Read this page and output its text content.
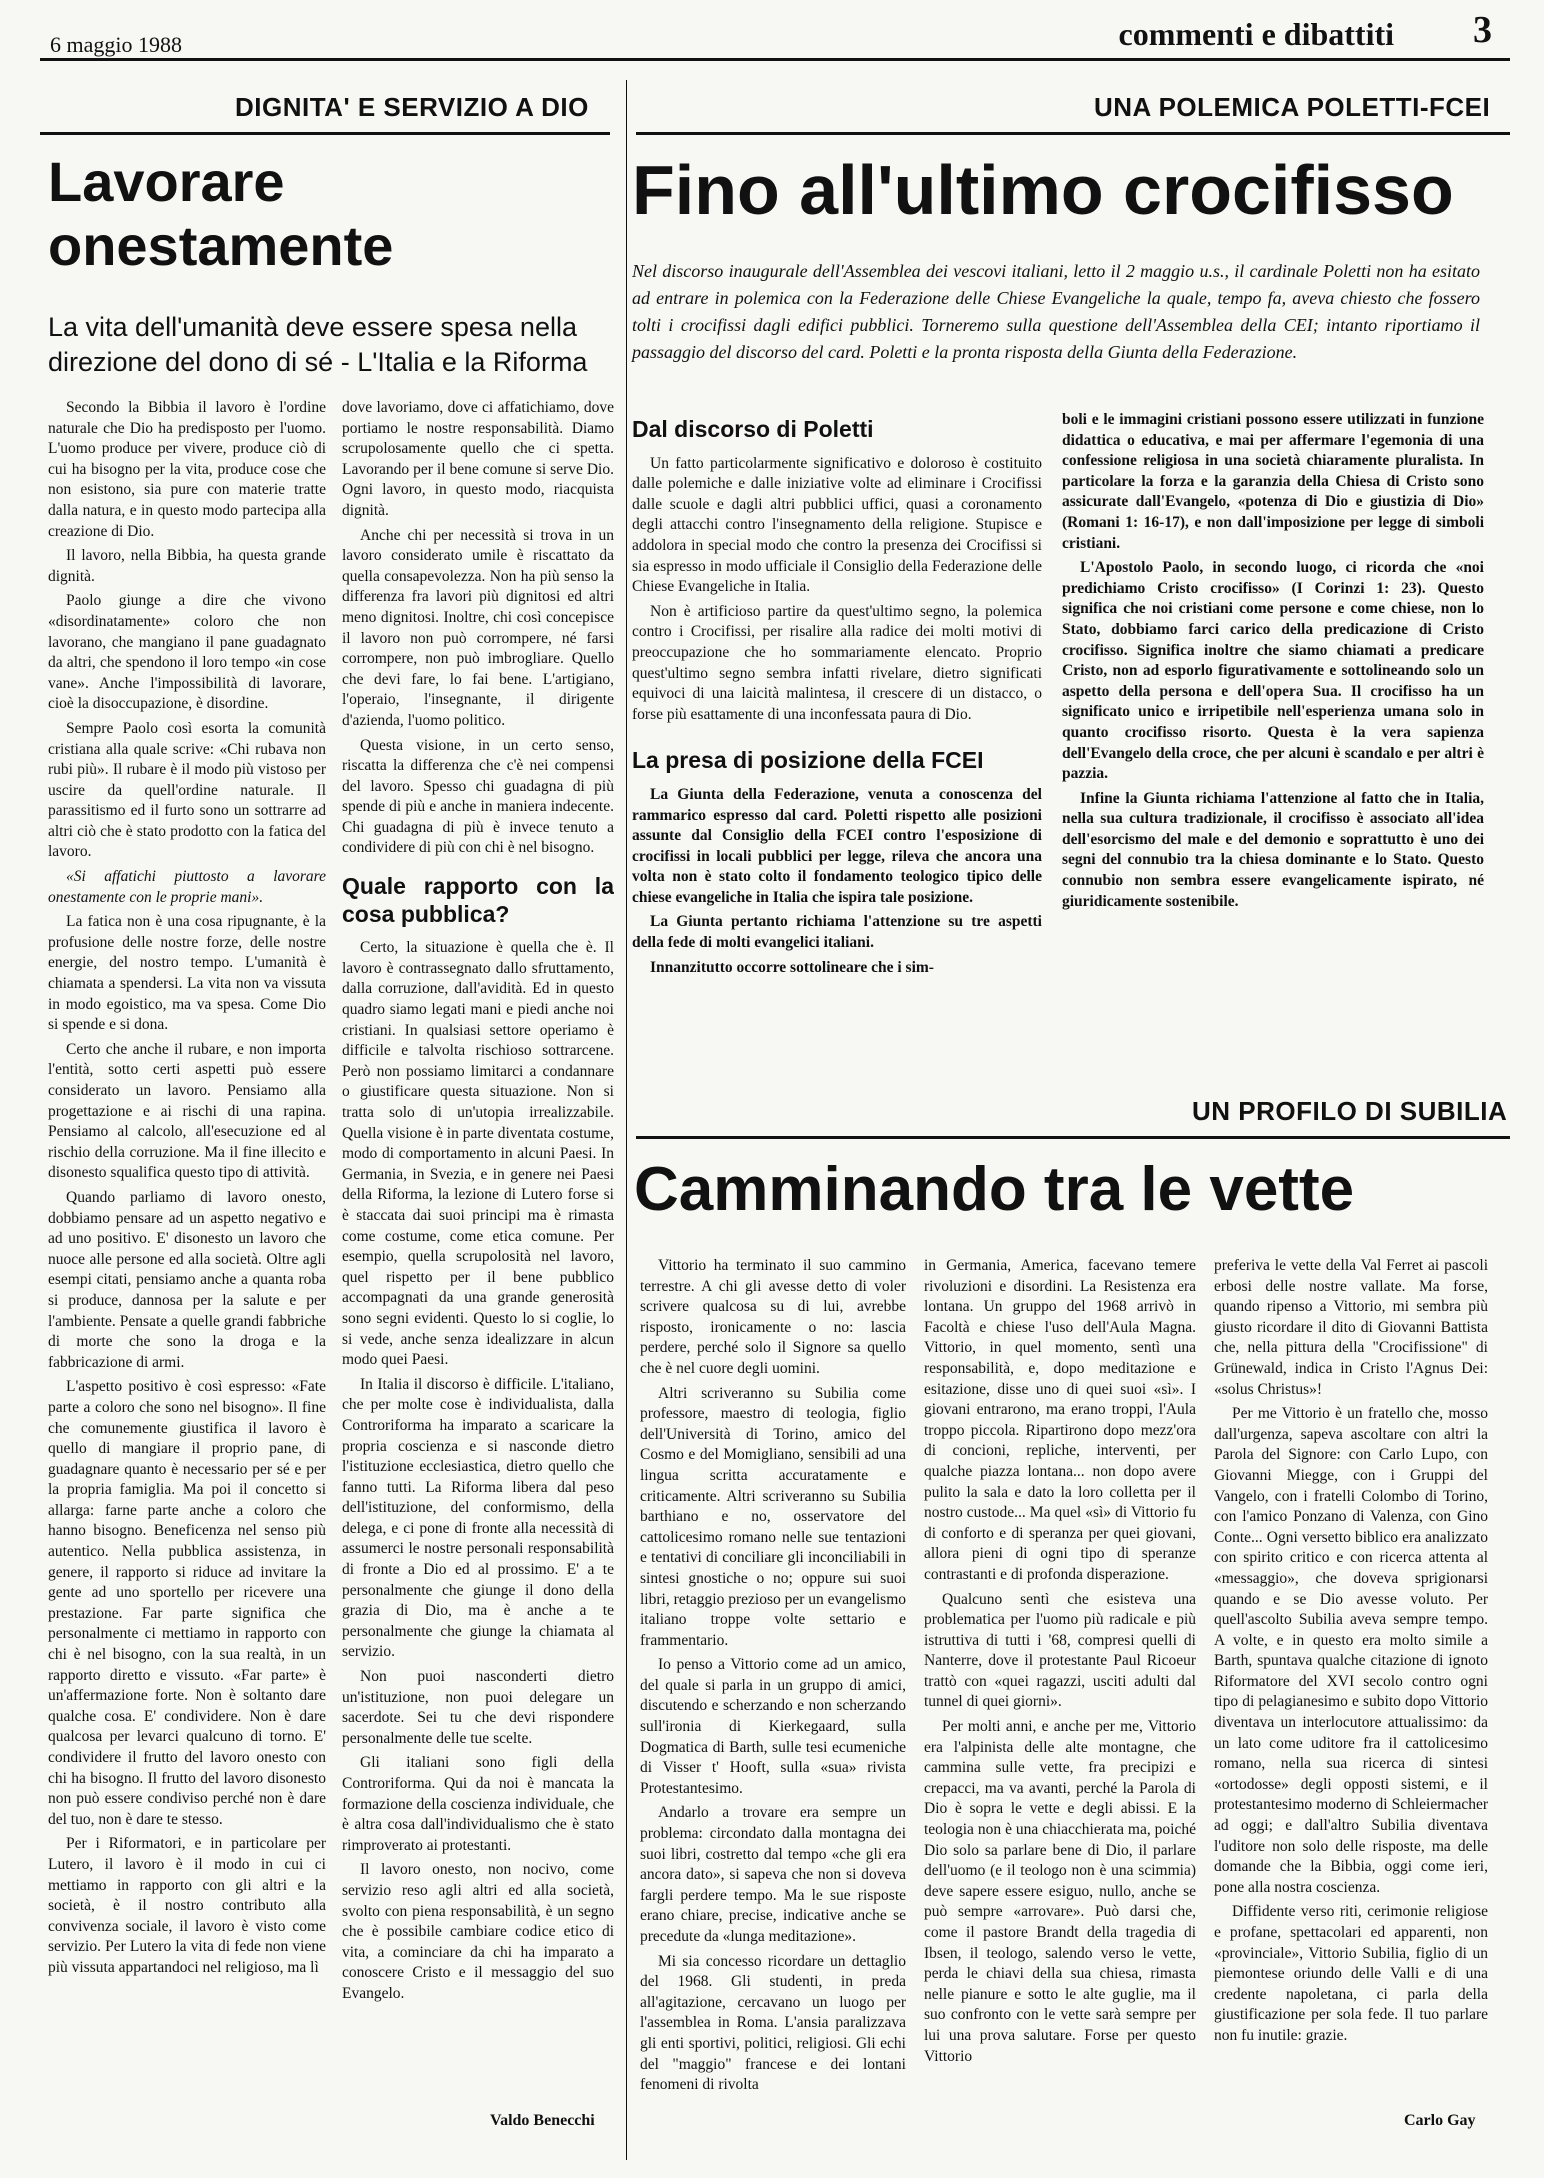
6 maggio 1988	commenti e dibattiti 3
DIGNITA' E SERVIZIO A DIO
Lavorare onestamente
La vita dell'umanità deve essere spesa nella direzione del dono di sé - L'Italia e la Riforma

Secondo la Bibbia il lavoro è l'ordine naturale che Dio ha predisposto per l'uomo. L'uomo produce per vivere, produce ciò di cui ha bisogno per la vita, produce cose che non esistono, sia pure con materie tratte dalla natura, e in questo modo partecipa alla creazione di Dio.

Il lavoro, nella Bibbia, ha questa grande dignità.

Paolo giunge a dire che vivono «disordinatamente» coloro che non lavorano, che mangiano il pane guadagnato da altri, che spendono il loro tempo «in cose vane». Anche l'impossibilità di lavorare, cioè la disoccupazione, è disordine.

Sempre Paolo così esorta la comunità cristiana alla quale scrive: «Chi rubava non rubi più». Il rubare è il modo più vistoso per uscire da quell'ordine naturale. Il parassitismo ed il furto sono un sottrarre ad altri ciò che è stato prodotto con la fatica del lavoro.

«Si affatichi piuttosto a lavorare onestamente con le proprie mani».

La fatica non è una cosa ripugnante, è la profusione delle nostre forze, delle nostre energie, del nostro tempo. L'umanità è chiamata a spendersi. La vita non va vissuta in modo egoistico, ma va spesa. Come Dio si spende e si dona.

Certo che anche il rubare, e non importa l'entità, sotto certi aspetti può essere considerato un lavoro. Pensiamo alla progettazione e ai rischi di una rapina. Pensiamo al calcolo, all'esecuzione ed al rischio della corruzione. Ma il fine illecito e disonesto squalifica questo tipo di attività.

Quando parliamo di lavoro onesto, dobbiamo pensare ad un aspetto negativo e ad uno positivo. E' disonesto un lavoro che nuoce alle persone ed alla società. Oltre agli esempi citati, pensiamo anche a quanta roba si produce, dannosa per la salute e per l'ambiente. Pensate a quelle grandi fabbriche di morte che sono la droga e la fabbricazione di armi.

L'aspetto positivo è così espresso: «Fate parte a coloro che sono nel bisogno». Il fine che comunemente giustifica il lavoro è quello di mangiare il proprio pane, di guadagnare quanto è necessario per sé e per la propria famiglia. Ma poi il concetto si allarga: farne parte anche a coloro che hanno bisogno. Beneficenza nel senso più autentico. Nella pubblica assistenza, in genere, il rapporto si riduce ad invitare la gente ad uno sportello per ricevere una prestazione. Far parte significa che personalmente ci mettiamo in rapporto con chi è nel bisogno, con la sua realtà, in un rapporto diretto e vissuto. «Far parte» è un'affermazione forte. Non è soltanto dare qualche cosa. E' condividere. Non è dare qualcosa per levarci qualcuno di torno. E' condividere il frutto del lavoro onesto con chi ha bisogno. Il frutto del lavoro disonesto non può essere condiviso perché non è dare del tuo, non è dare te stesso.

Per i Riformatori, e in particolare per Lutero, il lavoro è il modo in cui ci mettiamo in rapporto con gli altri e la società, è il nostro contributo alla convivenza sociale, il lavoro è visto come servizio. Per Lutero la vita di fede non viene più vissuta appartandoci nel religioso, ma lì

dove lavoriamo, dove ci affatichiamo, dove portiamo le nostre responsabilità. Diamo scrupolosamente quello che ci spetta. Lavorando per il bene comune si serve Dio. Ogni lavoro, in questo modo, riacquista dignità.

Anche chi per necessità si trova in un lavoro considerato umile è riscattato da quella consapevolezza. Non ha più senso la differenza fra lavori più dignitosi ed altri meno dignitosi. Inoltre, chi così concepisce il lavoro non può corrompere, né farsi corrompere, non può imbrogliare. Quello che devi fare, lo fai bene. L'artigiano, l'operaio, l'insegnante, il dirigente d'azienda, l'uomo politico.

Questa visione, in un certo senso, riscatta la differenza che c'è nei compensi del lavoro. Spesso chi guadagna di più spende di più e anche in maniera indecente. Chi guadagna di più è invece tenuto a condividere di più con chi è nel bisogno.

Quale rapporto con la cosa pubblica?

Certo, la situazione è quella che è. Il lavoro è contrassegnato dallo sfruttamento, dalla corruzione, dall'avidità. Ed in questo quadro siamo legati mani e piedi anche noi cristiani. In qualsiasi settore operiamo è difficile e talvolta rischioso sottrarcene. Però non possiamo limitarci a condannare o giustificare questa situazione. Non si tratta solo di un'utopia irrealizzabile. Quella visione è in parte diventata costume, modo di comportamento in alcuni Paesi. In Germania, in Svezia, e in genere nei Paesi della Riforma, la lezione di Lutero forse si è staccata dai suoi principi ma è rimasta come costume, come etica comune. Per esempio, quella scrupolosità nel lavoro, quel rispetto per il bene pubblico accompagnati da una grande generosità sono segni evidenti. Questo lo si coglie, lo si vede, anche senza idealizzare in alcun modo quei Paesi.

In Italia il discorso è difficile. L'italiano, che per molte cose è individualista, dalla Controriforma ha imparato a scaricare la propria coscienza e si nasconde dietro l'istituzione ecclesiastica, dietro quello che fanno tutti. La Riforma libera dal peso dell'istituzione, del conformismo, della delega, e ci pone di fronte alla necessità di assumerci le nostre personali responsabilità di fronte a Dio ed al prossimo. E' a te personalmente che giunge il dono della grazia di Dio, ma è anche a te personalmente che giunge la chiamata al servizio.

Non puoi nasconderti dietro un'istituzione, non puoi delegare un sacerdote. Sei tu che devi rispondere personalmente delle tue scelte.

Gli italiani sono figli della Controriforma. Qui da noi è mancata la formazione della coscienza individuale, che è altra cosa dall'individualismo che è stato rimproverato ai protestanti.

Il lavoro onesto, non nocivo, come servizio reso agli altri ed alla società, svolto con piena responsabilità, è un segno che è possibile cambiare codice etico di vita, a cominciare da chi ha imparato a conoscere Cristo e il messaggio del suo Evangelo.

Valdo Benecchi
UNA POLEMICA POLETTI-FCEI
Fino all'ultimo crocifisso
Nel discorso inaugurale dell'Assemblea dei vescovi italiani, letto il 2 maggio u.s., il cardinale Poletti non ha esitato ad entrare in polemica con la Federazione delle Chiese Evangeliche la quale, tempo fa, aveva chiesto che fossero tolti i crocifissi dagli edifici pubblici. Torneremo sulla questione dell'Assemblea della CEI; intanto riportiamo il passaggio del discorso del card. Poletti e la pronta risposta della Giunta della Federazione.
Dal discorso di Poletti

Un fatto particolarmente significativo e doloroso è costituito dalle polemiche e dalle iniziative volte ad eliminare i Crocifissi dalle scuole e dagli altri pubblici uffici, quasi a coronamento degli attacchi contro l'insegnamento della religione. Stupisce e addolora in special modo che contro la presenza dei Crocifissi si sia espresso in modo ufficiale il Consiglio della Federazione delle Chiese Evangeliche in Italia.

Non è artificioso partire da quest'ultimo segno, la polemica contro i Crocifissi, per risalire alla radice dei molti motivi di preoccupazione che ho sommariamente elencato. Proprio quest'ultimo segno sembra infatti rivelare, dietro significati equivoci di una laicità malintesa, il crescere di un distacco, o forse più esattamente di una inconfessata paura di Dio.

La presa di posizione della FCEI

La Giunta della Federazione, venuta a conoscenza del rammarico espresso dal card. Poletti rispetto alle posizioni assunte dal Consiglio della FCEI contro l'esposizione di crocifissi in locali pubblici per legge, rileva che ancora una volta non è stato colto il fondamento teologico tipico delle chiese evangeliche in Italia che ispira tale posizione.

La Giunta pertanto richiama l'attenzione su tre aspetti della fede di molti evangelici italiani.

Innanzitutto occorre sottolineare che i sim-

boli e le immagini cristiani possono essere utilizzati in funzione didattica o educativa, e mai per affermare l'egemonia di una confessione religiosa in una società chiaramente pluralista. In particolare la forza e la garanzia della Chiesa di Cristo sono assicurate dall'Evangelo, «potenza di Dio e giustizia di Dio» (Romani 1: 16-17), e non dall'imposizione per legge di simboli cristiani.

L'Apostolo Paolo, in secondo luogo, ci ricorda che «noi predichiamo Cristo crocifisso» (I Corinzi 1: 23). Questo significa che noi cristiani come persone e come chiese, non lo Stato, dobbiamo farci carico della predicazione di Cristo crocifisso. Significa inoltre che siamo chiamati a predicare Cristo, non ad esporlo figurativamente e sottolineando solo un aspetto della persona e dell'opera Sua. Il crocifisso ha un significato unico e irripetibile nell'esperienza umana solo in quanto crocifisso risorto. Questa è la vera sapienza dell'Evangelo della croce, che per alcuni è scandalo e per altri è pazzia.

Infine la Giunta richiama l'attenzione al fatto che in Italia, nella sua cultura tradizionale, il crocifisso è associato all'idea dell'esorcismo del male e del demonio e soprattutto è uno dei segni del connubio tra la chiesa dominante e lo Stato. Questo connubio non sembra essere evangelicamente ispirato, né giuridicamente sostenibile.

UN PROFILO DI SUBILIA
Camminando tra le vette

Vittorio ha terminato il suo cammino terrestre. A chi gli avesse detto di voler scrivere qualcosa su di lui, avrebbe risposto, ironicamente o no: lascia perdere, perché solo il Signore sa quello che è nel cuore degli uomini.

Altri scriveranno su Subilia come professore, maestro di teologia, figlio dell'Università di Torino, amico del Cosmo e del Momigliano, sensibili ad una lingua scritta accuratamente e criticamente. Altri scriveranno su Subilia barthiano e no, osservatore del cattolicesimo romano nelle sue tentazioni e tentativi di conciliare gli inconciliabili in sintesi gnostiche o no; oppure sui suoi libri, retaggio prezioso per un evangelismo italiano troppe volte settario e frammentario.

Io penso a Vittorio come ad un amico, del quale si parla in un gruppo di amici, discutendo e scherzando e non scherzando sull'ironia di Kierkegaard, sulla Dogmatica di Barth, sulle tesi ecumeniche di Visser t' Hooft, sulla «sua» rivista Protestantesimo.

Andarlo a trovare era sempre un problema: circondato dalla montagna dei suoi libri, costretto dal tempo «che gli era ancora dato», si sapeva che non si doveva fargli perdere tempo. Ma le sue risposte erano chiare, precise, indicative anche se precedute da «lunga meditazione».

Mi sia concesso ricordare un dettaglio del 1968. Gli studenti, in preda all'agitazione, cercavano un luogo per l'assemblea in Roma. L'ansia paralizzava gli enti sportivi, politici, religiosi. Gli echi del "maggio" francese e dei lontani fenomeni di rivolta

in Germania, America, facevano temere rivoluzioni e disordini. La Resistenza era lontana. Un gruppo del 1968 arrivò in Facoltà e chiese l'uso dell'Aula Magna. Vittorio, in quel momento, sentì una responsabilità, e, dopo meditazione e esitazione, disse uno di quei suoi «sì». I giovani entrarono, ma erano troppi, l'Aula troppo piccola. Ripartirono dopo mezz'ora di concioni, repliche, interventi, per qualche piazza lontana... non dopo avere pulito la sala e dato la loro colletta per il nostro custode... Ma quel «sì» di Vittorio fu di conforto e di speranza per quei giovani, allora pieni di ogni tipo di speranze contrastanti e di profonda disperazione.

Qualcuno sentì che esisteva una problematica per l'uomo più radicale e più istruttiva di tutti i '68, compresi quelli di Nanterre, dove il protestante Paul Ricoeur trattò con «quei ragazzi, usciti adulti dal tunnel di quei giorni».

Per molti anni, e anche per me, Vittorio era l'alpinista delle alte montagne, che cammina sulle vette, fra precipizi e crepacci, ma va avanti, perché la Parola di Dio è sopra le vette e degli abissi. E la teologia non è una chiacchierata ma, poiché Dio solo sa parlare bene di Dio, il parlare dell'uomo (e il teologo non è una scimmia) deve sapere essere esiguo, nullo, anche se può sempre «arrovare». Può darsi che, come il pastore Brandt della tragedia di Ibsen, il teologo, salendo verso le vette, perda le chiavi della sua chiesa, rimasta nelle pianure e sotto le alte guglie, ma il suo confronto con le vette sarà sempre per lui una prova salutare. Forse per questo Vittorio

preferiva le vette della Val Ferret ai pascoli erbosi delle nostre vallate. Ma forse, quando ripenso a Vittorio, mi sembra più giusto ricordare il dito di Giovanni Battista che, nella pittura della "Crocifissione" di Grünewald, indica in Cristo l'Agnus Dei: «solus Christus»!

Per me Vittorio è un fratello che, mosso dall'urgenza, sapeva ascoltare con altri la Parola del Signore: con Carlo Lupo, con Giovanni Miegge, con i Gruppi del Vangelo, con i fratelli Colombo di Torino, con l'amico Ponzano di Valenza, con Gino Conte... Ogni versetto biblico era analizzato con spirito critico e con ricerca attenta al «messaggio», che doveva sprigionarsi quando e se Dio avesse voluto. Per quell'ascolto Subilia aveva sempre tempo. A volte, e in questo era molto simile a Barth, spuntava qualche citazione di ignoto Riformatore del XVI secolo contro ogni tipo di pelagianesimo e subito dopo Vittorio diventava un interlocutore attualissimo: da un lato come uditore fra il cattolicesimo romano, nella sua ricerca di sintesi «ortodosse» degli opposti sistemi, e il protestantesimo moderno di Schleiermacher ad oggi; e dall'altro Subilia diventava l'uditore non solo delle risposte, ma delle domande che la Bibbia, oggi come ieri, pone alla nostra coscienza.

Diffidente verso riti, cerimonie religiose e profane, spettacolari ed apparenti, non «provinciale», Vittorio Subilia, figlio di un piemontese oriundo delle Valli e di una credente napoletana, ci parla della giustificazione per sola fede. Il tuo parlare non fu inutile: grazie.

Carlo Gay
